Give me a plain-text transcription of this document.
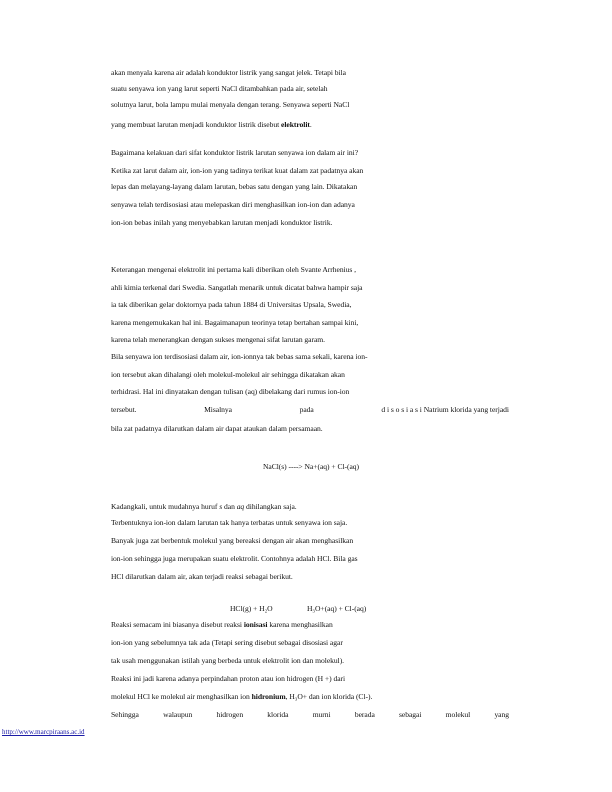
akan menyala karena air adalah konduktor listrik yang sangat jelek. Tetapi bila
suatu senyawa ion yang larut seperti NaCl ditambahkan pada air, setelah
solutnya larut, bola lampu mulai menyala dengan terang. Senyawa seperti NaCl
yang membuat larutan menjadi konduktor listrik disebut elektrolit.
Bagaimana kelakuan dari sifat konduktor listrik larutan senyawa ion dalam air ini?
Ketika zat larut dalam air, ion-ion yang tadinya terikat kuat dalam zat padatnya akan
lepas dan melayang-layang dalam larutan, bebas satu dengan yang lain. Dikatakan
senyawa telah terdisosiasi atau melepaskan diri menghasilkan ion-ion dan adanya
ion-ion bebas inilah yang menyebabkan larutan menjadi konduktor listrik.
Keterangan mengenai elektrolit ini pertama kali diberikan oleh Svante Arrhenius ,
ahli kimia terkenal dari Swedia. Sangatlah menarik untuk dicatat bahwa hampir saja
ia tak diberikan gelar doktornya pada tahun 1884 di Universitas Upsala, Swedia,
karena mengemukakan hal ini. Bagaimanapun teorinya tetap bertahan sampai kini,
karena telah menerangkan dengan sukses mengenai sifat larutan garam.
Bila senyawa ion terdisosiasi dalam air, ion-ionnya tak bebas sama sekali, karena ion-
ion tersebut akan dihalangi oleh molekul-molekul air sehingga dikatakan akan
terhidrasi. Hal ini dinyatakan dengan tulisan (aq) dibelakang dari rumus ion-ion
tersebut.	Misalnya	pada	d i s o s i a s i Natrium klorida yang terjadi
bila zat padatnya dilarutkan dalam air dapat ataukan dalam persamaan.
NaCl(s) ----> Na+(aq) + Cl-(aq)
Kadangkali, untuk mudahnya huruf s dan aq dihilangkan saja.
Terbentuknya ion-ion dalam larutan tak hanya terbatas untuk senyawa ion saja.
Banyak juga zat berbentuk molekul yang bereaksi dengan air akan menghasilkan
ion-ion sehingga juga merupakan suatu elektrolit. Contohnya adalah HCl. Bila gas
HCl dilarutkan dalam air, akan terjadi reaksi sebagai berikut.
HCl(g) + H₂O	H₃O+(aq) + Cl-(aq)
Reaksi semacam ini biasanya disebut reaksi ionisasi karena menghasilkan
ion-ion yang sebelumnya tak ada (Tetapi sering disebut sebagai disosiasi agar
tak usah menggunakan istilah yang berbeda untuk elektrolit ion dan molekul).
Reaksi ini jadi karena adanya perpindahan proton atau ion hidrogen (H +) dari
molekul HCl ke molekul air menghasilkan ion hidronium, H₃O+ dan ion klorida (Cl-).
Sehingga	walaupun	hidrogen	klorida	murni	berada	sebagai	molekul	yang
http://www.marcpiraans.ac.id
